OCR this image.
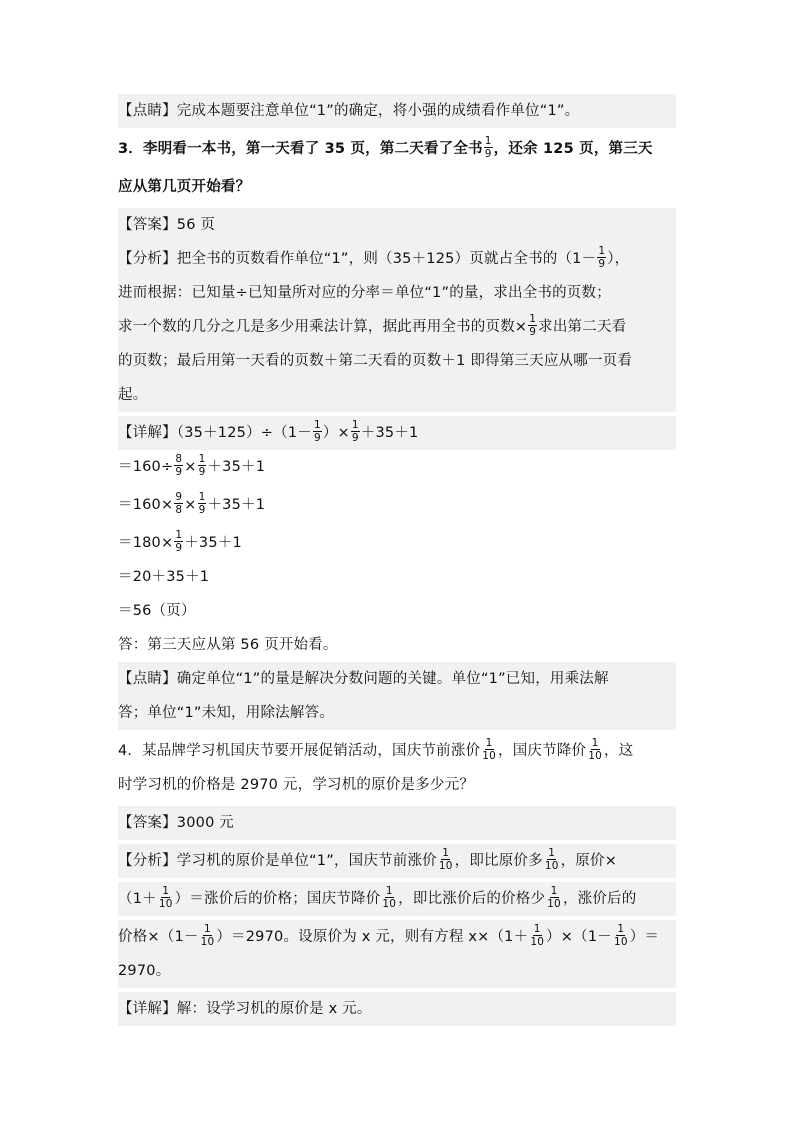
【点睛】完成本题要注意单位“1”的确定，将小强的成绩看作单位“1”。
3．李明看一本书，第一天看了 35 页，第二天看了全书 $\frac{1}{9}$ ，还余 125 页，第三天
应从第几页开始看？
【答案】56 页
【分析】把全书的页数看作单位“1”，则（35＋125）页就占全书的（$1- \frac{1}{9}$ ），
进而根据：已知量÷已知量所对应的分率＝单位“1”的量，求出全书的页数；
求一个数的几分之几是多少用乘法计算，据此再用全书的页数× $\frac{1}{9}$ 求出第二天看
的页数；最后用第一天看的页数＋第二天看的页数＋1 即得第三天应从哪一页看
起。
【详解】$(35+125)\div(1- \frac{1}{9}$ ）× $\frac{1}{9} +35+1$
$=160\div \frac{8}{9} \times \frac{1}{9} +35+1$
$=160\times \frac{9}{8} \times \frac{1}{9} +35+1$
$=180\times \frac{1}{9} +35+1$
＝20＋35＋1
＝56（页）
答：第三天应从第 56 页开始看。
【点睛】确定单位“1”的量是解决分数问题的关键。单位“1”已知，用乘法解
答；单位“1”未知，用除法解答。
4．某品牌学习机国庆节要开展促销活动，国庆节前涨价 $\frac{1}{10}$ ，国庆节降价 $\frac{1}{10}$ ，这
时学习机的价格是 2970 元，学习机的原价是多少元？
【答案】3000 元
【分析】学习机的原价是单位“1”，国庆节前涨价 $\frac{1}{10}$ ，即比原价多 $\frac{1}{10}$ ，原价×
（$1+ \frac{1}{10}$ ）＝涨价后的价格；国庆节降价 $\frac{1}{10}$ ，即比涨价后的价格少 $\frac{1}{10}$ ，涨价后的
价格$\times(1- \frac{1}{10} )=2970$。设原价为 x 元，则有方程 $x\times(1+ \frac{1}{10} )\times(1- \frac{1}{10}$ ）＝
2970。
【详解】解：设学习机的原价是 x 元。
